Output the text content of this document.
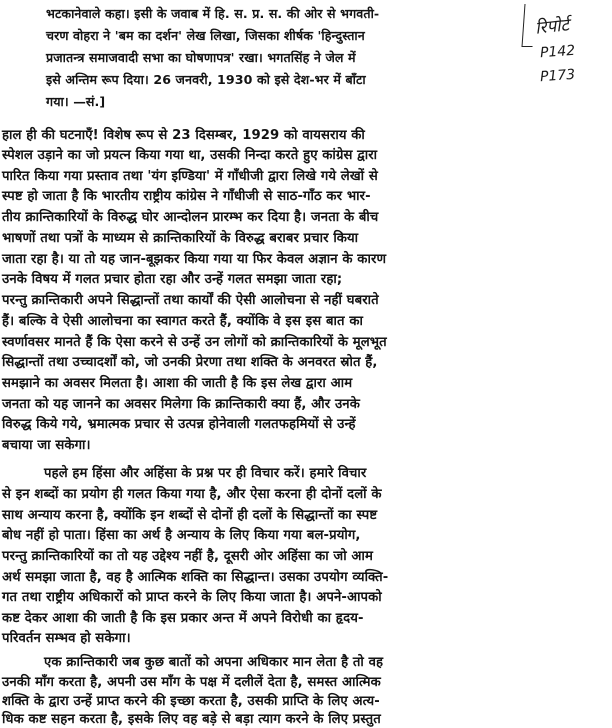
रिपोर्ट
P142
P173
भटकानेवाले कहा। इसी के जवाब में हि. स. प्र. स. की ओर से भगवती-
चरण वोहरा ने 'बम का दर्शन' लेख लिखा, जिसका शीर्षक 'हिन्दुस्तान
प्रजातन्त्र समाजवादी सभा का घोषणापत्र' रखा। भगतसिंह ने जेल में
इसे अन्तिम रूप दिया। 26 जनवरी, 1930 को इसे देश-भर में बाँटा
गया। —सं.]
हाल ही की घटनाएँ! विशेष रूप से 23 दिसम्बर, 1929 को वायसराय की
स्पेशल उड़ाने का जो प्रयत्न किया गया था, उसकी निन्दा करते हुए कांग्रेस द्वारा
पारित किया गया प्रस्ताव तथा 'यंग इण्डिया' में गाँधीजी द्वारा लिखे गये लेखों से
स्पष्ट हो जाता है कि भारतीय राष्ट्रीय कांग्रेस ने गाँधीजी से साठ-गाँठ कर भार-
तीय क्रान्तिकारियों के विरुद्ध घोर आन्दोलन प्रारम्भ कर दिया है। जनता के बीच
भाषणों तथा पत्रों के माध्यम से क्रान्तिकारियों के विरुद्ध बराबर प्रचार किया
जाता रहा है। या तो यह जान-बूझकर किया गया या फिर केवल अज्ञान के कारण
उनके विषय में गलत प्रचार होता रहा और उन्हें गलत समझा जाता रहा;
परन्तु क्रान्तिकारी अपने सिद्धान्तों तथा कार्यों की ऐसी आलोचना से नहीं घबराते
हैं। बल्कि वे ऐसी आलोचना का स्वागत करते हैं, क्योंकि वे इस इस बात का
स्वर्णावसर मानते हैं कि ऐसा करने से उन्हें उन लोगों को क्रान्तिकारियों के मूलभूत
सिद्धान्तों तथा उच्चादर्शों को, जो उनकी प्रेरणा तथा शक्ति के अनवरत स्रोत हैं,
समझाने का अवसर मिलता है। आशा की जाती है कि इस लेख द्वारा आम
जनता को यह जानने का अवसर मिलेगा कि क्रान्तिकारी क्या हैं, और उनके
विरुद्ध किये गये, भ्रमात्मक प्रचार से उत्पन्न होनेवाली गलतफहमियों से उन्हें
बचाया जा सकेगा।
पहले हम हिंसा और अहिंसा के प्रश्न पर ही विचार करें। हमारे विचार
से इन शब्दों का प्रयोग ही गलत किया गया है, और ऐसा करना ही दोनों दलों के
साथ अन्याय करना है, क्योंकि इन शब्दों से दोनों ही दलों के सिद्धान्तों का स्पष्ट
बोध नहीं हो पाता। हिंसा का अर्थ है अन्याय के लिए किया गया बल-प्रयोग,
परन्तु क्रान्तिकारियों का तो यह उद्देश्य नहीं है, दूसरी ओर अहिंसा का जो आम
अर्थ समझा जाता है, वह है आत्मिक शक्ति का सिद्धान्त। उसका उपयोग व्यक्ति-
गत तथा राष्ट्रीय अधिकारों को प्राप्त करने के लिए किया जाता है। अपने-आपको
कष्ट देकर आशा की जाती है कि इस प्रकार अन्त में अपने विरोधी का हृदय-
परिवर्तन सम्भव हो सकेगा।
एक क्रान्तिकारी जब कुछ बातों को अपना अधिकार मान लेता है तो वह
उनकी माँग करता है, अपनी उस माँग के पक्ष में दलीलें देता है, समस्त आत्मिक
शक्ति के द्वारा उन्हें प्राप्त करने की इच्छा करता है, उसकी प्राप्ति के लिए अत्य-
धिक कष्ट सहन करता है, इसके लिए वह बड़े से बड़ा त्याग करने के लिए प्रस्तुत
